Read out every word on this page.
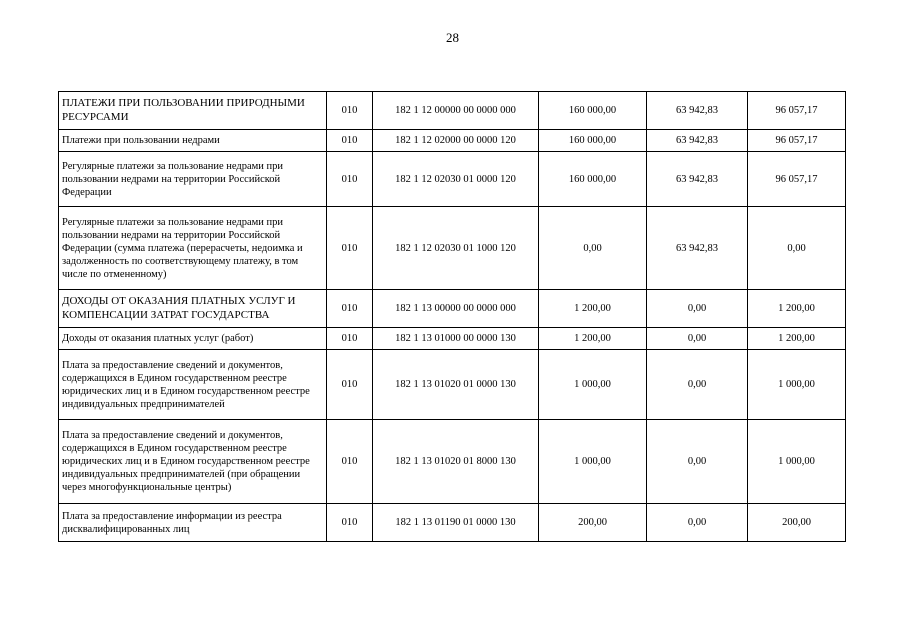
28
ПЛАТЕЖИ ПРИ ПОЛЬЗОВАНИИ ПРИРОДНЫМИ РЕСУРСАМИ	010	182 1 12 00000 00 0000 000	160 000,00	63 942,83	96 057,17
Платежи при пользовании недрами	010	182 1 12 02000 00 0000 120	160 000,00	63 942,83	96 057,17
Регулярные платежи за пользование недрами при пользовании недрами на территории Российской Федерации	010	182 1 12 02030 01 0000 120	160 000,00	63 942,83	96 057,17
Регулярные платежи за пользование недрами при пользовании недрами на территории Российской Федерации (сумма платежа (перерасчеты, недоимка и задолженность по соответствующему платежу, в том числе по отмененному)	010	182 1 12 02030 01 1000 120	0,00	63 942,83	0,00
ДОХОДЫ ОТ ОКАЗАНИЯ ПЛАТНЫХ УСЛУГ И КОМПЕНСАЦИИ ЗАТРАТ ГОСУДАРСТВА	010	182 1 13 00000 00 0000 000	1 200,00	0,00	1 200,00
Доходы от оказания платных услуг (работ)	010	182 1 13 01000 00 0000 130	1 200,00	0,00	1 200,00
Плата за предоставление сведений и документов, содержащихся в Едином государственном реестре юридических лиц и в Едином государственном реестре индивидуальных предпринимателей	010	182 1 13 01020 01 0000 130	1 000,00	0,00	1 000,00
Плата за предоставление сведений и документов, содержащихся в Едином государственном реестре юридических лиц и в Едином государственном реестре индивидуальных предпринимателей (при обращении через многофункциональные центры)	010	182 1 13 01020 01 8000 130	1 000,00	0,00	1 000,00
Плата за предоставление информации из реестра дисквалифицированных лиц	010	182 1 13 01190 01 0000 130	200,00	0,00	200,00
